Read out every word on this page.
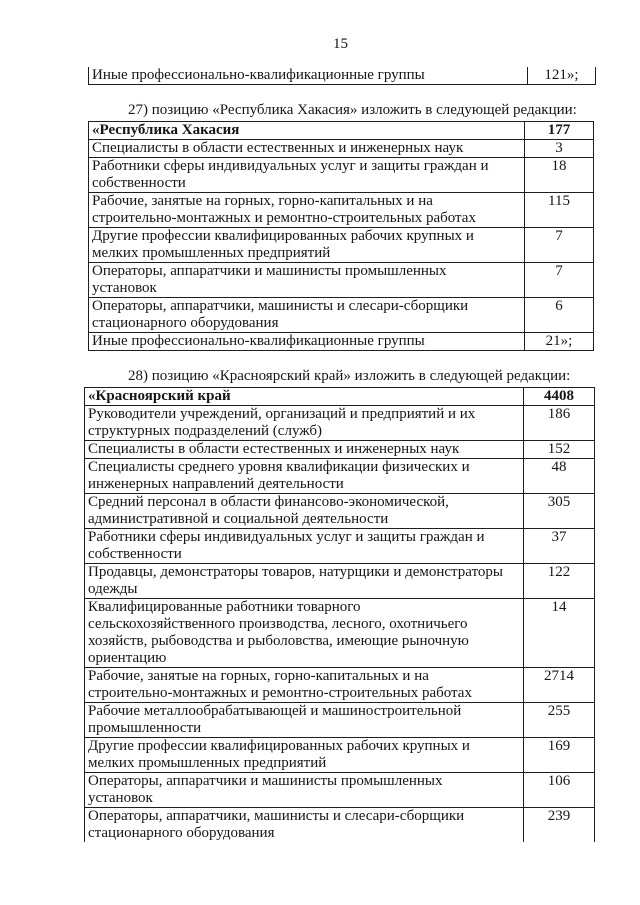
15
Иные профессионально-квалификационные группы	121»;
27) позицию «Республика Хакасия» изложить в следующей редакции:
«Республика Хакасия	177
Специалисты в области естественных и инженерных наук	3
Работники сферы индивидуальных услуг и защиты граждан и
собственности	18
Рабочие, занятые на горных, горно-капитальных и на
строительно-монтажных и ремонтно-строительных работах	115
Другие профессии квалифицированных рабочих крупных и
мелких промышленных предприятий	7
Операторы, аппаратчики и машинисты промышленных
установок	7
Операторы, аппаратчики, машинисты и слесари-сборщики
стационарного оборудования	6
Иные профессионально-квалификационные группы	21»;
28) позицию «Красноярский край» изложить в следующей редакции:
«Красноярский край	4408
Руководители учреждений, организаций и предприятий и их
структурных подразделений (служб)	186
Специалисты в области естественных и инженерных наук	152
Специалисты среднего уровня квалификации физических и
инженерных направлений деятельности	48
Средний персонал в области финансово-экономической,
административной и социальной деятельности	305
Работники сферы индивидуальных услуг и защиты граждан и
собственности	37
Продавцы, демонстраторы товаров, натурщики и демонстраторы
одежды	122
Квалифицированные работники товарного
сельскохозяйственного производства, лесного, охотничьего
хозяйств, рыбоводства и рыболовства, имеющие рыночную
ориентацию	14
Рабочие, занятые на горных, горно-капитальных и на
строительно-монтажных и ремонтно-строительных работах	2714
Рабочие металлообрабатывающей и машиностроительной
промышленности	255
Другие профессии квалифицированных рабочих крупных и
мелких промышленных предприятий	169
Операторы, аппаратчики и машинисты промышленных
установок	106
Операторы, аппаратчики, машинисты и слесари-сборщики
стационарного оборудования	239
